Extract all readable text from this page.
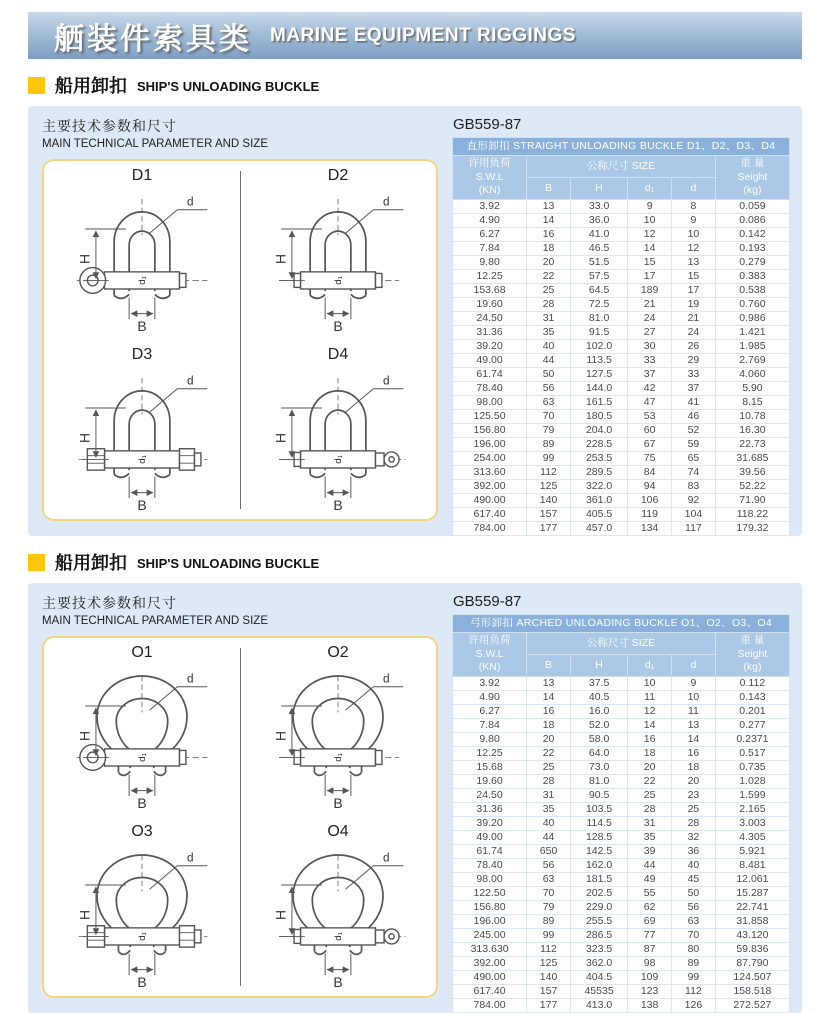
舾装件索具类 MARINE EQUIPMENT RIGGINGS
船用卸扣 SHIP'S UNLOADING BUCKLE
主要技术参数和尺寸
MAIN TECHNICAL PARAMETER AND SIZE
D1
H
B
d
d₁
D2
H
B
d
d₁
D3
H
B
d
d₁
D4
H
B
d
d₁
GB559-87
直形卸扣 STRAIGHT UNLOADING BUCKLE D1、D2、D3、D4					

许用负荷
S.W.L
(KN)
	公称尺寸 SIZE	重 量
Seight
(kg)

	B	H	d₁	d	
3.92	13	33.0	9	8	0.059
4.90	14	36.0	10	9	0.086
6.27	16	41.0	12	10	0.142
7.84	18	46.5	14	12	0.193
9.80	20	51.5	15	13	0.279
12.25	22	57.5	17	15	0.383
153.68	25	64.5	189	17	0.538
19.60	28	72.5	21	19	0.760
24.50	31	81.0	24	21	0.986
31.36	35	91.5	27	24	1.421
39.20	40	102.0	30	26	1.985
49.00	44	113.5	33	29	2.769
61.74	50	127.5	37	33	4.060
78.40	56	144.0	42	37	5.90
98.00	63	161.5	47	41	8.15
125.50	70	180.5	53	46	10.78
156.80	79	204.0	60	52	16.30
196.00	89	228.5	67	59	22.73
254.00	99	253.5	75	65	31.685
313.60	112	289.5	84	74	39.56
392.00	125	322.0	94	83	52.22
490.00	140	361.0	106	92	71.90
617.40	157	405.5	119	104	118.22
784.00	177	457.0	134	117	179.32
船用卸扣 SHIP'S UNLOADING BUCKLE
主要技术参数和尺寸
MAIN TECHNICAL PARAMETER AND SIZE
O1
H
B
d
d₁
O2
H
B
d
d₁
O3
H
B
d
d₁
O4
H
B
d
d₁
GB559-87
弓形卸扣 ARCHED UNLOADING BUCKLE O1、O2、O3、O4					

许用负荷
S.W.L
(KN)
	公称尺寸 SIZE	重 量
Seight
(kg)

	B	H	d₁	d	
3.92	13	37.5	10	9	0.112
4.90	14	40.5	11	10	0.143
6.27	16	16.0	12	11	0.201
7.84	18	52.0	14	13	0.277
9.80	20	58.0	16	14	0.2371
12.25	22	64.0	18	16	0.517
15.68	25	73.0	20	18	0.735
19.60	28	81.0	22	20	1.028
24.50	31	90.5	25	23	1.599
31.36	35	103.5	28	25	2.165
39.20	40	114.5	31	28	3.003
49.00	44	128.5	35	32	4.305
61.74	650	142.5	39	36	5.921
78.40	56	162.0	44	40	8.481
98.00	63	181.5	49	45	12.061
122.50	70	202.5	55	50	15.287
156.80	79	229.0	62	56	22.741
196.00	89	255.5	69	63	31.858
245.00	99	286.5	77	70	43.120
313.630	112	323.5	87	80	59.836
392.00	125	362.0	98	89	87.790
490.00	140	404.5	109	99	124.507
617.40	157	45535	123	112	158.518
784.00	177	413.0	138	126	272.527
